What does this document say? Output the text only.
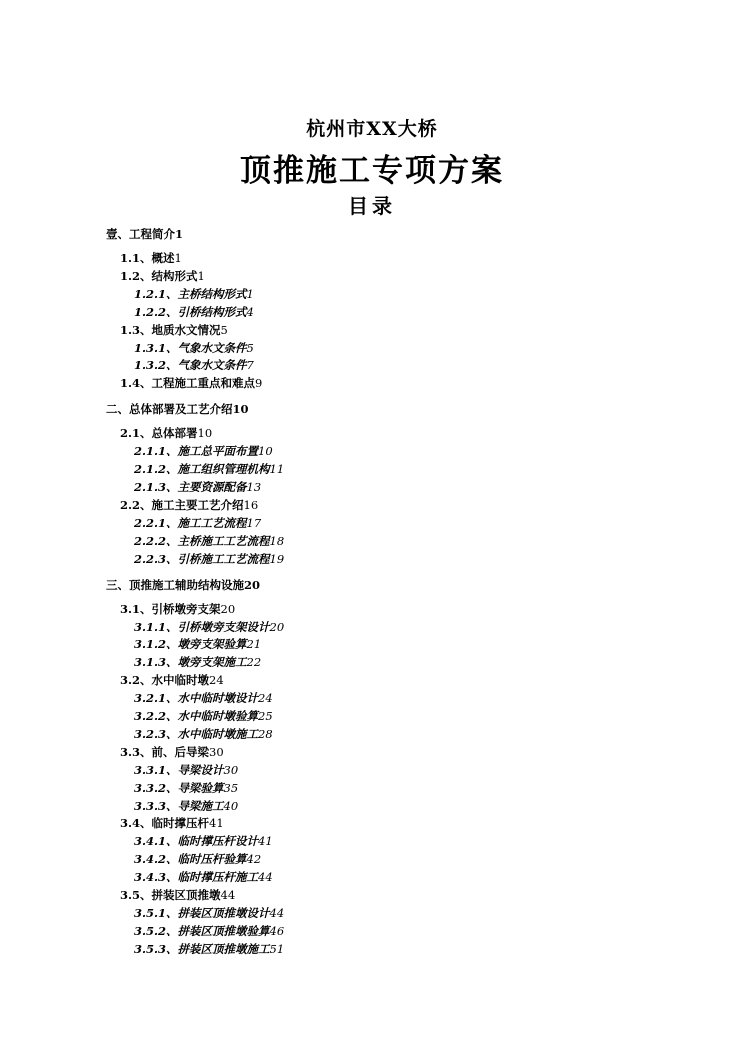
杭州市XX大桥
顶推施工专项方案
目录
壹、工程简介1
1.1、概述1
1.2、结构形式1
1.2.1、主桥结构形式1
1.2.2、引桥结构形式4
1.3、地质水文情况5
1.3.1、气象水文条件5
1.3.2、气象水文条件7
1.4、工程施工重点和难点9
二、总体部署及工艺介绍10
2.1、总体部署10
2.1.1、施工总平面布置10
2.1.2、施工组织管理机构11
2.1.3、主要资源配备13
2.2、施工主要工艺介绍16
2.2.1、施工工艺流程17
2.2.2、主桥施工工艺流程18
2.2.3、引桥施工工艺流程19
三、顶推施工辅助结构设施20
3.1、引桥墩旁支架20
3.1.1、引桥墩旁支架设计20
3.1.2、墩旁支架验算21
3.1.3、墩旁支架施工22
3.2、水中临时墩24
3.2.1、水中临时墩设计24
3.2.2、水中临时墩验算25
3.2.3、水中临时墩施工28
3.3、前、后导梁30
3.3.1、导梁设计30
3.3.2、导梁验算35
3.3.3、导梁施工40
3.4、临时撑压杆41
3.4.1、临时撑压杆设计41
3.4.2、临时压杆验算42
3.4.3、临时撑压杆施工44
3.5、拼装区顶推墩44
3.5.1、拼装区顶推墩设计44
3.5.2、拼装区顶推墩验算46
3.5.3、拼装区顶推墩施工51
